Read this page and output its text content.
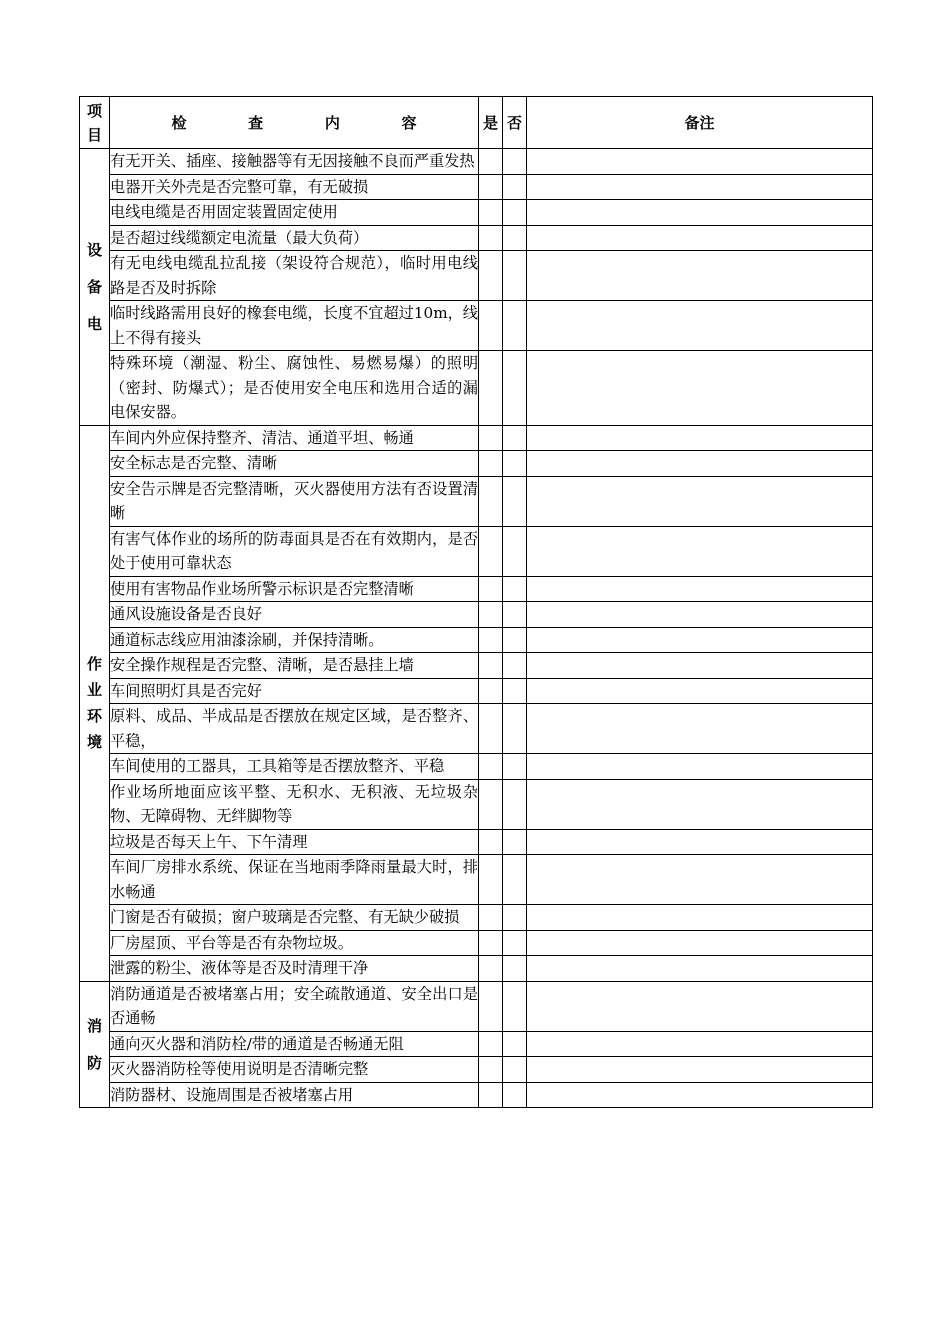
项
目	检 查 内 容	是	否	备注

设
备
电	有无开关、插座、接触器等有无因接触不良而严重发热			
	电器开关外壳是否完整可靠，有无破损			
	电线电缆是否用固定装置固定使用			
	是否超过线缆额定电流量（最大负荷）			
	有无电线电缆乱拉乱接（架设符合规范），临时用电线路是否及时拆除			
	临时线路需用良好的橡套电缆，长度不宜超过10m，线上不得有接头			
	特殊环境（潮湿、粉尘、腐蚀性、易燃易爆）的照明（密封、防爆式）；是否使用安全电压和选用合适的漏电保安器。			

作
业
环
境	车间内外应保持整齐、清洁、通道平坦、畅通			
	安全标志是否完整、清晰			
	安全告示牌是否完整清晰，灭火器使用方法有否设置清晰			
	有害气体作业的场所的防毒面具是否在有效期内，是否处于使用可靠状态			
	使用有害物品作业场所警示标识是否完整清晰			
	通风设施设备是否良好			
	通道标志线应用油漆涂刷，并保持清晰。			
	安全操作规程是否完整、清晰，是否悬挂上墙			
	车间照明灯具是否完好			
	原料、成品、半成品是否摆放在规定区域，是否整齐、平稳，			
	车间使用的工器具，工具箱等是否摆放整齐、平稳			
	作业场所地面应该平整、无积水、无积液、无垃圾杂物、无障碍物、无绊脚物等			
	垃圾是否每天上午、下午清理			
	车间厂房排水系统、保证在当地雨季降雨量最大时，排水畅通			
	门窗是否有破损；窗户玻璃是否完整、有无缺少破损			
	厂房屋顶、平台等是否有杂物垃圾。			
	泄露的粉尘、液体等是否及时清理干净			

消
防	消防通道是否被堵塞占用；安全疏散通道、安全出口是否通畅			
	通向灭火器和消防栓/带的通道是否畅通无阻			
	灭火器消防栓等使用说明是否清晰完整			
	消防器材、设施周围是否被堵塞占用			
